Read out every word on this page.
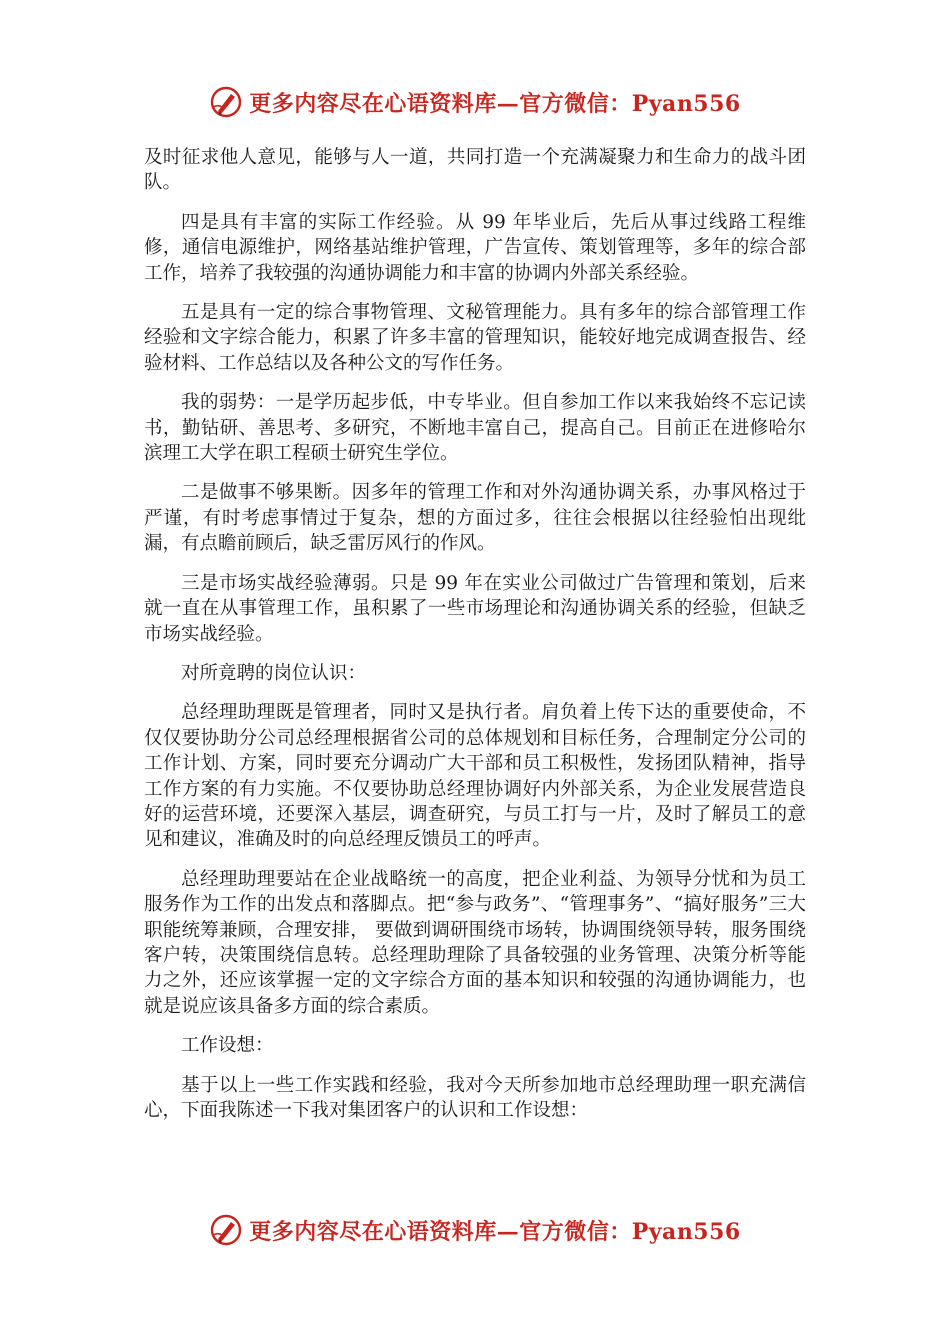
更多内容尽在心语资料库—官方微信：Pyan556

及时征求他人意见，能够与人一道，共同打造一个充满凝聚力和生命力的战斗团队。

四是具有丰富的实际工作经验。从 99 年毕业后，先后从事过线路工程维修，通信电源维护，网络基站维护管理，广告宣传、策划管理等，多年的综合部工作，培养了我较强的沟通协调能力和丰富的协调内外部关系经验。

五是具有一定的综合事物管理、文秘管理能力。具有多年的综合部管理工作经验和文字综合能力，积累了许多丰富的管理知识，能较好地完成调查报告、经验材料、工作总结以及各种公文的写作任务。

我的弱势：一是学历起步低，中专毕业。但自参加工作以来我始终不忘记读书，勤钻研、善思考、多研究，不断地丰富自己，提高自己。目前正在进修哈尔滨理工大学在职工程硕士研究生学位。

二是做事不够果断。因多年的管理工作和对外沟通协调关系，办事风格过于严谨，有时考虑事情过于复杂，想的方面过多，往往会根据以往经验怕出现纰漏，有点瞻前顾后，缺乏雷厉风行的作风。

三是市场实战经验薄弱。只是 99 年在实业公司做过广告管理和策划，后来就一直在从事管理工作，虽积累了一些市场理论和沟通协调关系的经验，但缺乏市场实战经验。

对所竟聘的岗位认识：

总经理助理既是管理者，同时又是执行者。肩负着上传下达的重要使命，不仅仅要协助分公司总经理根据省公司的总体规划和目标任务，合理制定分公司的工作计划、方案，同时要充分调动广大干部和员工积极性，发扬团队精神，指导工作方案的有力实施。不仅要协助总经理协调好内外部关系，为企业发展营造良好的运营环境，还要深入基层，调查研究，与员工打与一片，及时了解员工的意见和建议，准确及时的向总经理反馈员工的呼声。

总经理助理要站在企业战略统一的高度，把企业利益、为领导分忧和为员工服务作为工作的出发点和落脚点。把“参与政务”、“管理事务”、“搞好服务”三大职能统筹兼顾，合理安排， 要做到调研围绕市场转，协调围绕领导转，服务围绕客户转，决策围绕信息转。总经理助理除了具备较强的业务管理、决策分析等能力之外，还应该掌握一定的文字综合方面的基本知识和较强的沟通协调能力，也就是说应该具备多方面的综合素质。

工作设想：

基于以上一些工作实践和经验，我对今天所参加地市总经理助理一职充满信心，下面我陈述一下我对集团客户的认识和工作设想：

更多内容尽在心语资料库—官方微信：Pyan556
